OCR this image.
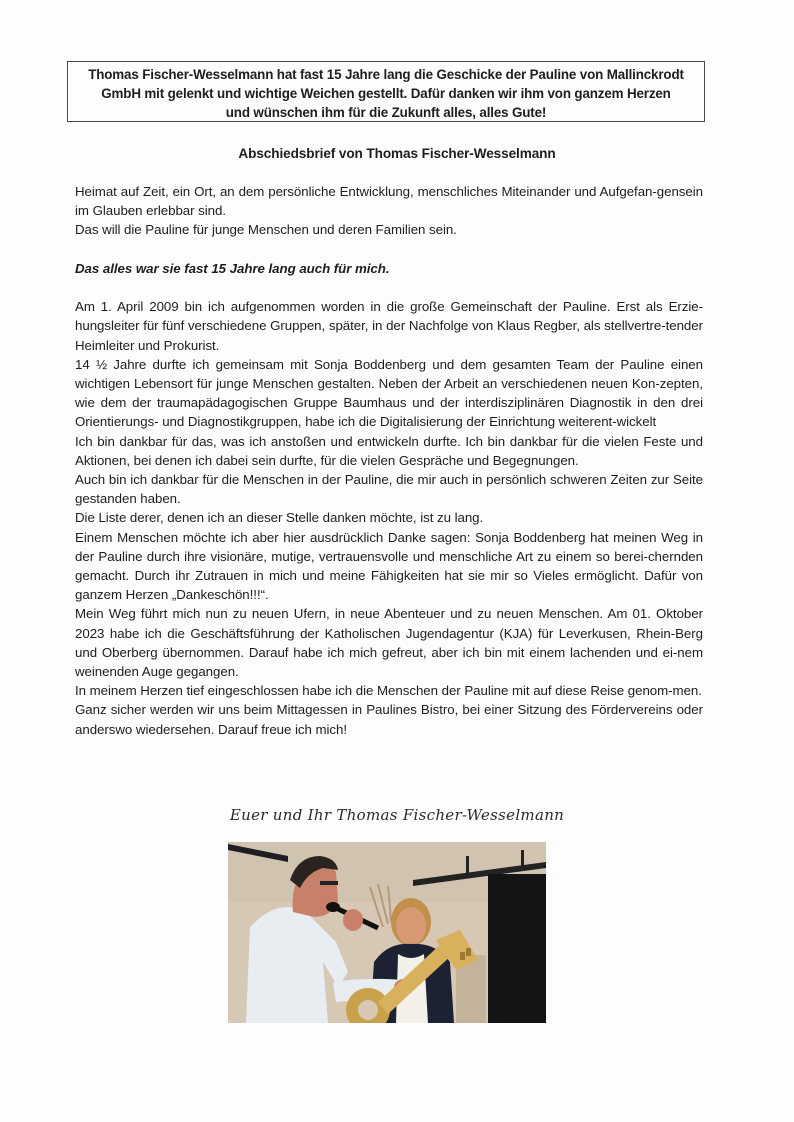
Thomas Fischer-Wesselmann hat fast 15 Jahre lang die Geschicke der Pauline von Mallinckrodt
GmbH mit gelenkt und wichtige Weichen gestellt. Dafür danken wir ihm von ganzem Herzen
und wünschen ihm für die Zukunft alles, alles Gute!
Abschiedsbrief von Thomas Fischer-Wesselmann

Heimat auf Zeit, ein Ort, an dem persönliche Entwicklung, menschliches Miteinander und Aufgefan-gensein im Glauben erlebbar sind.

Das will die Pauline für junge Menschen und deren Familien sein.

Das alles war sie fast 15 Jahre lang auch für mich.

Am 1. April 2009 bin ich aufgenommen worden in die große Gemeinschaft der Pauline. Erst als Erzie-hungsleiter für fünf verschiedene Gruppen, später, in der Nachfolge von Klaus Regber, als stellvertre-tender Heimleiter und Prokurist.

14 ½ Jahre durfte ich gemeinsam mit Sonja Boddenberg und dem gesamten Team der Pauline einen wichtigen Lebensort für junge Menschen gestalten. Neben der Arbeit an verschiedenen neuen Kon-zepten, wie dem der traumapädagogischen Gruppe Baumhaus und der interdisziplinären Diagnostik in den drei Orientierungs- und Diagnostikgruppen, habe ich die Digitalisierung der Einrichtung weiterent-wickelt

Ich bin dankbar für das, was ich anstoßen und entwickeln durfte. Ich bin dankbar für die vielen Feste und Aktionen, bei denen ich dabei sein durfte, für die vielen Gespräche und Begegnungen.

Auch bin ich dankbar für die Menschen in der Pauline, die mir auch in persönlich schweren Zeiten zur Seite gestanden haben.

Die Liste derer, denen ich an dieser Stelle danken möchte, ist zu lang.

Einem Menschen möchte ich aber hier ausdrücklich Danke sagen: Sonja Boddenberg hat meinen Weg in der Pauline durch ihre visionäre, mutige, vertrauensvolle und menschliche Art zu einem so berei-chernden gemacht. Durch ihr Zutrauen in mich und meine Fähigkeiten hat sie mir so Vieles ermöglicht. Dafür von ganzem Herzen „Dankeschön!!!“.

Mein Weg führt mich nun zu neuen Ufern, in neue Abenteuer und zu neuen Menschen. Am 01. Oktober 2023 habe ich die Geschäftsführung der Katholischen Jugendagentur (KJA) für Leverkusen, Rhein-Berg und Oberberg übernommen. Darauf habe ich mich gefreut, aber ich bin mit einem lachenden und ei-nem weinenden Auge gegangen.

In meinem Herzen tief eingeschlossen habe ich die Menschen der Pauline mit auf diese Reise genom-men.

Ganz sicher werden wir uns beim Mittagessen in Paulines Bistro, bei einer Sitzung des Fördervereins oder anderswo wiedersehen. Darauf freue ich mich!

Euer und Ihr Thomas Fischer-Wesselmann
